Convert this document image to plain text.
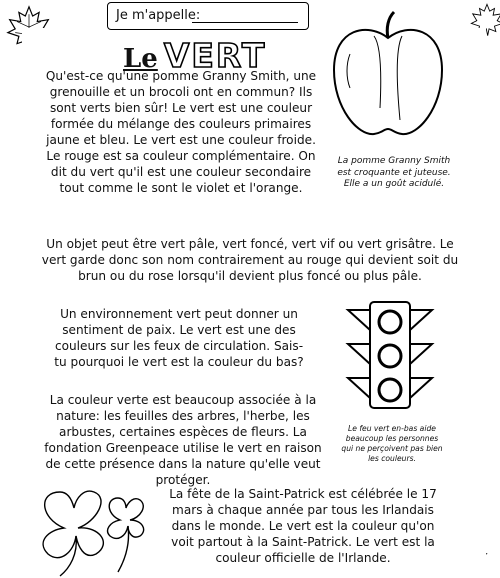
Je m'appelle:
Le VERT

La pomme Granny Smith est croquante et juteuse. Elle a un goût acidulé.

Qu'est-ce qu'une pomme Granny Smith, une grenouille et un brocoli ont en commun? Ils sont verts bien sûr! Le vert est une couleur formée du mélange des couleurs primaires jaune et bleu. Le vert est une couleur froide. Le rouge est sa couleur complémentaire. On dit du vert qu'il est une couleur secondaire tout comme le sont le violet et l'orange.

Un objet peut être vert pâle, vert foncé, vert vif ou vert grisâtre. Le vert garde donc son nom contrairement au rouge qui devient soit du brun ou du rose lorsqu'il devient plus foncé ou plus pâle.

Un environnement vert peut donner un sentiment de paix. Le vert est une des couleurs sur les feux de circulation. Sais-tu pourquoi le vert est la couleur du bas?

Le feu vert en-bas aide beaucoup les personnes qui ne perçoivent pas bien les couleurs.

La couleur verte est beaucoup associée à la nature: les feuilles des arbres, l'herbe, les arbustes, certaines espèces de fleurs. La fondation Greenpeace utilise le vert en raison de cette présence dans la nature qu'elle veut protéger.

La fête de la Saint-Patrick est célébrée le 17 mars à chaque année par tous les Irlandais dans le monde. Le vert est la couleur qu'on voit partout à la Saint-Patrick. Le vert est la couleur officielle de l'Irlande.
